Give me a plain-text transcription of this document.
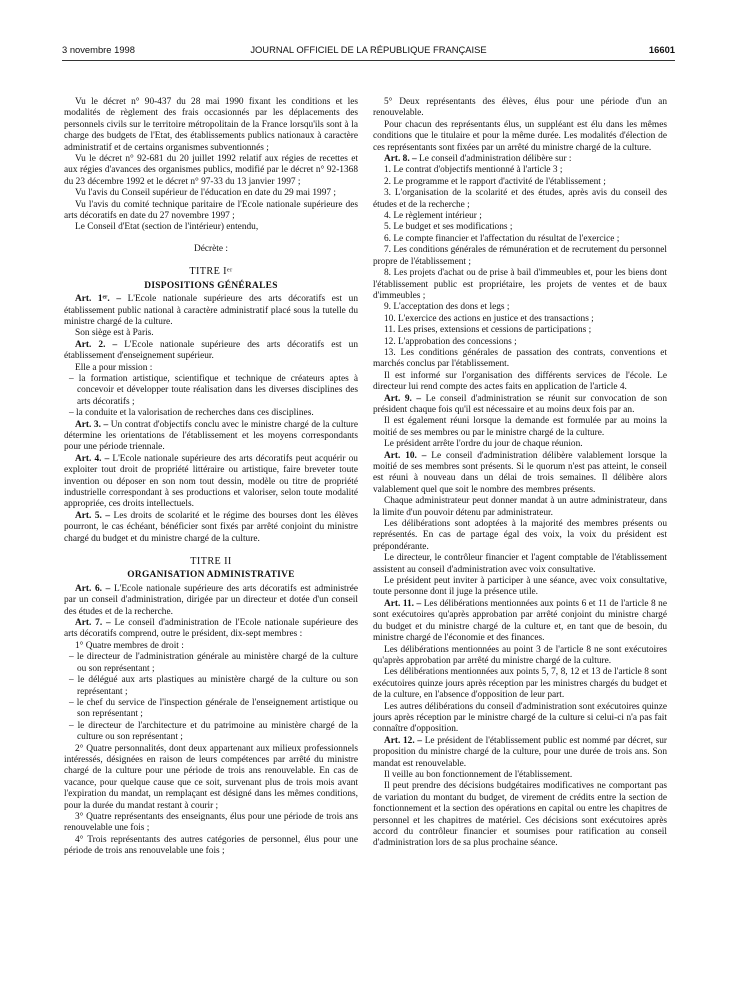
3 novembre 1998	JOURNAL OFFICIEL DE LA RÉPUBLIQUE FRANÇAISE	16601

Vu le décret n° 90-437 du 28 mai 1990 fixant les conditions et les modalités de règlement des frais occasionnés par les déplacements des personnels civils sur le territoire métropolitain de la France lorsqu'ils sont à la charge des budgets de l'Etat, des établissements publics nationaux à caractère administratif et de certains organismes subventionnés ;

Vu le décret n° 92-681 du 20 juillet 1992 relatif aux régies de recettes et aux régies d'avances des organismes publics, modifié par le décret n° 92-1368 du 23 décembre 1992 et le décret n° 97-33 du 13 janvier 1997 ;

Vu l'avis du Conseil supérieur de l'éducation en date du 29 mai 1997 ;

Vu l'avis du comité technique paritaire de l'Ecole nationale supérieure des arts décoratifs en date du 27 novembre 1997 ;

Le Conseil d'Etat (section de l'intérieur) entendu,

Décrète :

TITRE Iᵉʳ
DISPOSITIONS GÉNÉRALES

Art. 1ᵉʳ. – L'Ecole nationale supérieure des arts décoratifs est un établissement public national à caractère administratif placé sous la tutelle du ministre chargé de la culture.

Son siège est à Paris.

Art. 2. – L'Ecole nationale supérieure des arts décoratifs est un établissement d'enseignement supérieur.

Elle a pour mission :

– la formation artistique, scientifique et technique de créateurs aptes à concevoir et développer toute réalisation dans les diverses disciplines des arts décoratifs ;

– la conduite et la valorisation de recherches dans ces disciplines.

Art. 3. – Un contrat d'objectifs conclu avec le ministre chargé de la culture détermine les orientations de l'établissement et les moyens correspondants pour une période triennale.

Art. 4. – L'Ecole nationale supérieure des arts décoratifs peut acquérir ou exploiter tout droit de propriété littéraire ou artistique, faire breveter toute invention ou déposer en son nom tout dessin, modèle ou titre de propriété industrielle correspondant à ses productions et valoriser, selon toute modalité appropriée, ces droits intellectuels.

Art. 5. – Les droits de scolarité et le régime des bourses dont les élèves pourront, le cas échéant, bénéficier sont fixés par arrêté conjoint du ministre chargé du budget et du ministre chargé de la culture.

TITRE II
ORGANISATION ADMINISTRATIVE

Art. 6. – L'Ecole nationale supérieure des arts décoratifs est administrée par un conseil d'administration, dirigée par un directeur et dotée d'un conseil des études et de la recherche.

Art. 7. – Le conseil d'administration de l'Ecole nationale supérieure des arts décoratifs comprend, outre le président, dix-sept membres :

1° Quatre membres de droit :

– le directeur de l'administration générale au ministère chargé de la culture ou son représentant ;

– le délégué aux arts plastiques au ministère chargé de la culture ou son représentant ;

– le chef du service de l'inspection générale de l'enseignement artistique ou son représentant ;

– le directeur de l'architecture et du patrimoine au ministère chargé de la culture ou son représentant ;

2° Quatre personnalités, dont deux appartenant aux milieux professionnels intéressés, désignées en raison de leurs compétences par arrêté du ministre chargé de la culture pour une période de trois ans renouvelable. En cas de vacance, pour quelque cause que ce soit, survenant plus de trois mois avant l'expiration du mandat, un remplaçant est désigné dans les mêmes conditions, pour la durée du mandat restant à courir ;

3° Quatre représentants des enseignants, élus pour une période de trois ans renouvelable une fois ;

4° Trois représentants des autres catégories de personnel, élus pour une période de trois ans renouvelable une fois ;

5° Deux représentants des élèves, élus pour une période d'un an renouvelable.

Pour chacun des représentants élus, un suppléant est élu dans les mêmes conditions que le titulaire et pour la même durée. Les modalités d'élection de ces représentants sont fixées par un arrêté du ministre chargé de la culture.

Art. 8. – Le conseil d'administration délibère sur :

1. Le contrat d'objectifs mentionné à l'article 3 ;

2. Le programme et le rapport d'activité de l'établissement ;

3. L'organisation de la scolarité et des études, après avis du conseil des études et de la recherche ;

4. Le règlement intérieur ;

5. Le budget et ses modifications ;

6. Le compte financier et l'affectation du résultat de l'exercice ;

7. Les conditions générales de rémunération et de recrutement du personnel propre de l'établissement ;

8. Les projets d'achat ou de prise à bail d'immeubles et, pour les biens dont l'établissement public est propriétaire, les projets de ventes et de baux d'immeubles ;

9. L'acceptation des dons et legs ;

10. L'exercice des actions en justice et des transactions ;

11. Les prises, extensions et cessions de participations ;

12. L'approbation des concessions ;

13. Les conditions générales de passation des contrats, conventions et marchés conclus par l'établissement.

Il est informé sur l'organisation des différents services de l'école. Le directeur lui rend compte des actes faits en application de l'article 4.

Art. 9. – Le conseil d'administration se réunit sur convocation de son président chaque fois qu'il est nécessaire et au moins deux fois par an.

Il est également réuni lorsque la demande est formulée par au moins la moitié de ses membres ou par le ministre chargé de la culture.

Le président arrête l'ordre du jour de chaque réunion.

Art. 10. – Le conseil d'administration délibère valablement lorsque la moitié de ses membres sont présents. Si le quorum n'est pas atteint, le conseil est réuni à nouveau dans un délai de trois semaines. Il délibère alors valablement quel que soit le nombre des membres présents.

Chaque administrateur peut donner mandat à un autre administrateur, dans la limite d'un pouvoir détenu par administrateur.

Les délibérations sont adoptées à la majorité des membres présents ou représentés. En cas de partage égal des voix, la voix du président est prépondérante.

Le directeur, le contrôleur financier et l'agent comptable de l'établissement assistent au conseil d'administration avec voix consultative.

Le président peut inviter à participer à une séance, avec voix consultative, toute personne dont il juge la présence utile.

Art. 11. – Les délibérations mentionnées aux points 6 et 11 de l'article 8 ne sont exécutoires qu'après approbation par arrêté conjoint du ministre chargé du budget et du ministre chargé de la culture et, en tant que de besoin, du ministre chargé de l'économie et des finances.

Les délibérations mentionnées au point 3 de l'article 8 ne sont exécutoires qu'après approbation par arrêté du ministre chargé de la culture.

Les délibérations mentionnées aux points 5, 7, 8, 12 et 13 de l'article 8 sont exécutoires quinze jours après réception par les ministres chargés du budget et de la culture, en l'absence d'opposition de leur part.

Les autres délibérations du conseil d'administration sont exécutoires quinze jours après réception par le ministre chargé de la culture si celui-ci n'a pas fait connaître d'opposition.

Art. 12. – Le président de l'établissement public est nommé par décret, sur proposition du ministre chargé de la culture, pour une durée de trois ans. Son mandat est renouvelable.

Il veille au bon fonctionnement de l'établissement.

Il peut prendre des décisions budgétaires modificatives ne comportant pas de variation du montant du budget, de virement de crédits entre la section de fonctionnement et la section des opérations en capital ou entre les chapitres de personnel et les chapitres de matériel. Ces décisions sont exécutoires après accord du contrôleur financier et soumises pour ratification au conseil d'administration lors de sa plus prochaine séance.
